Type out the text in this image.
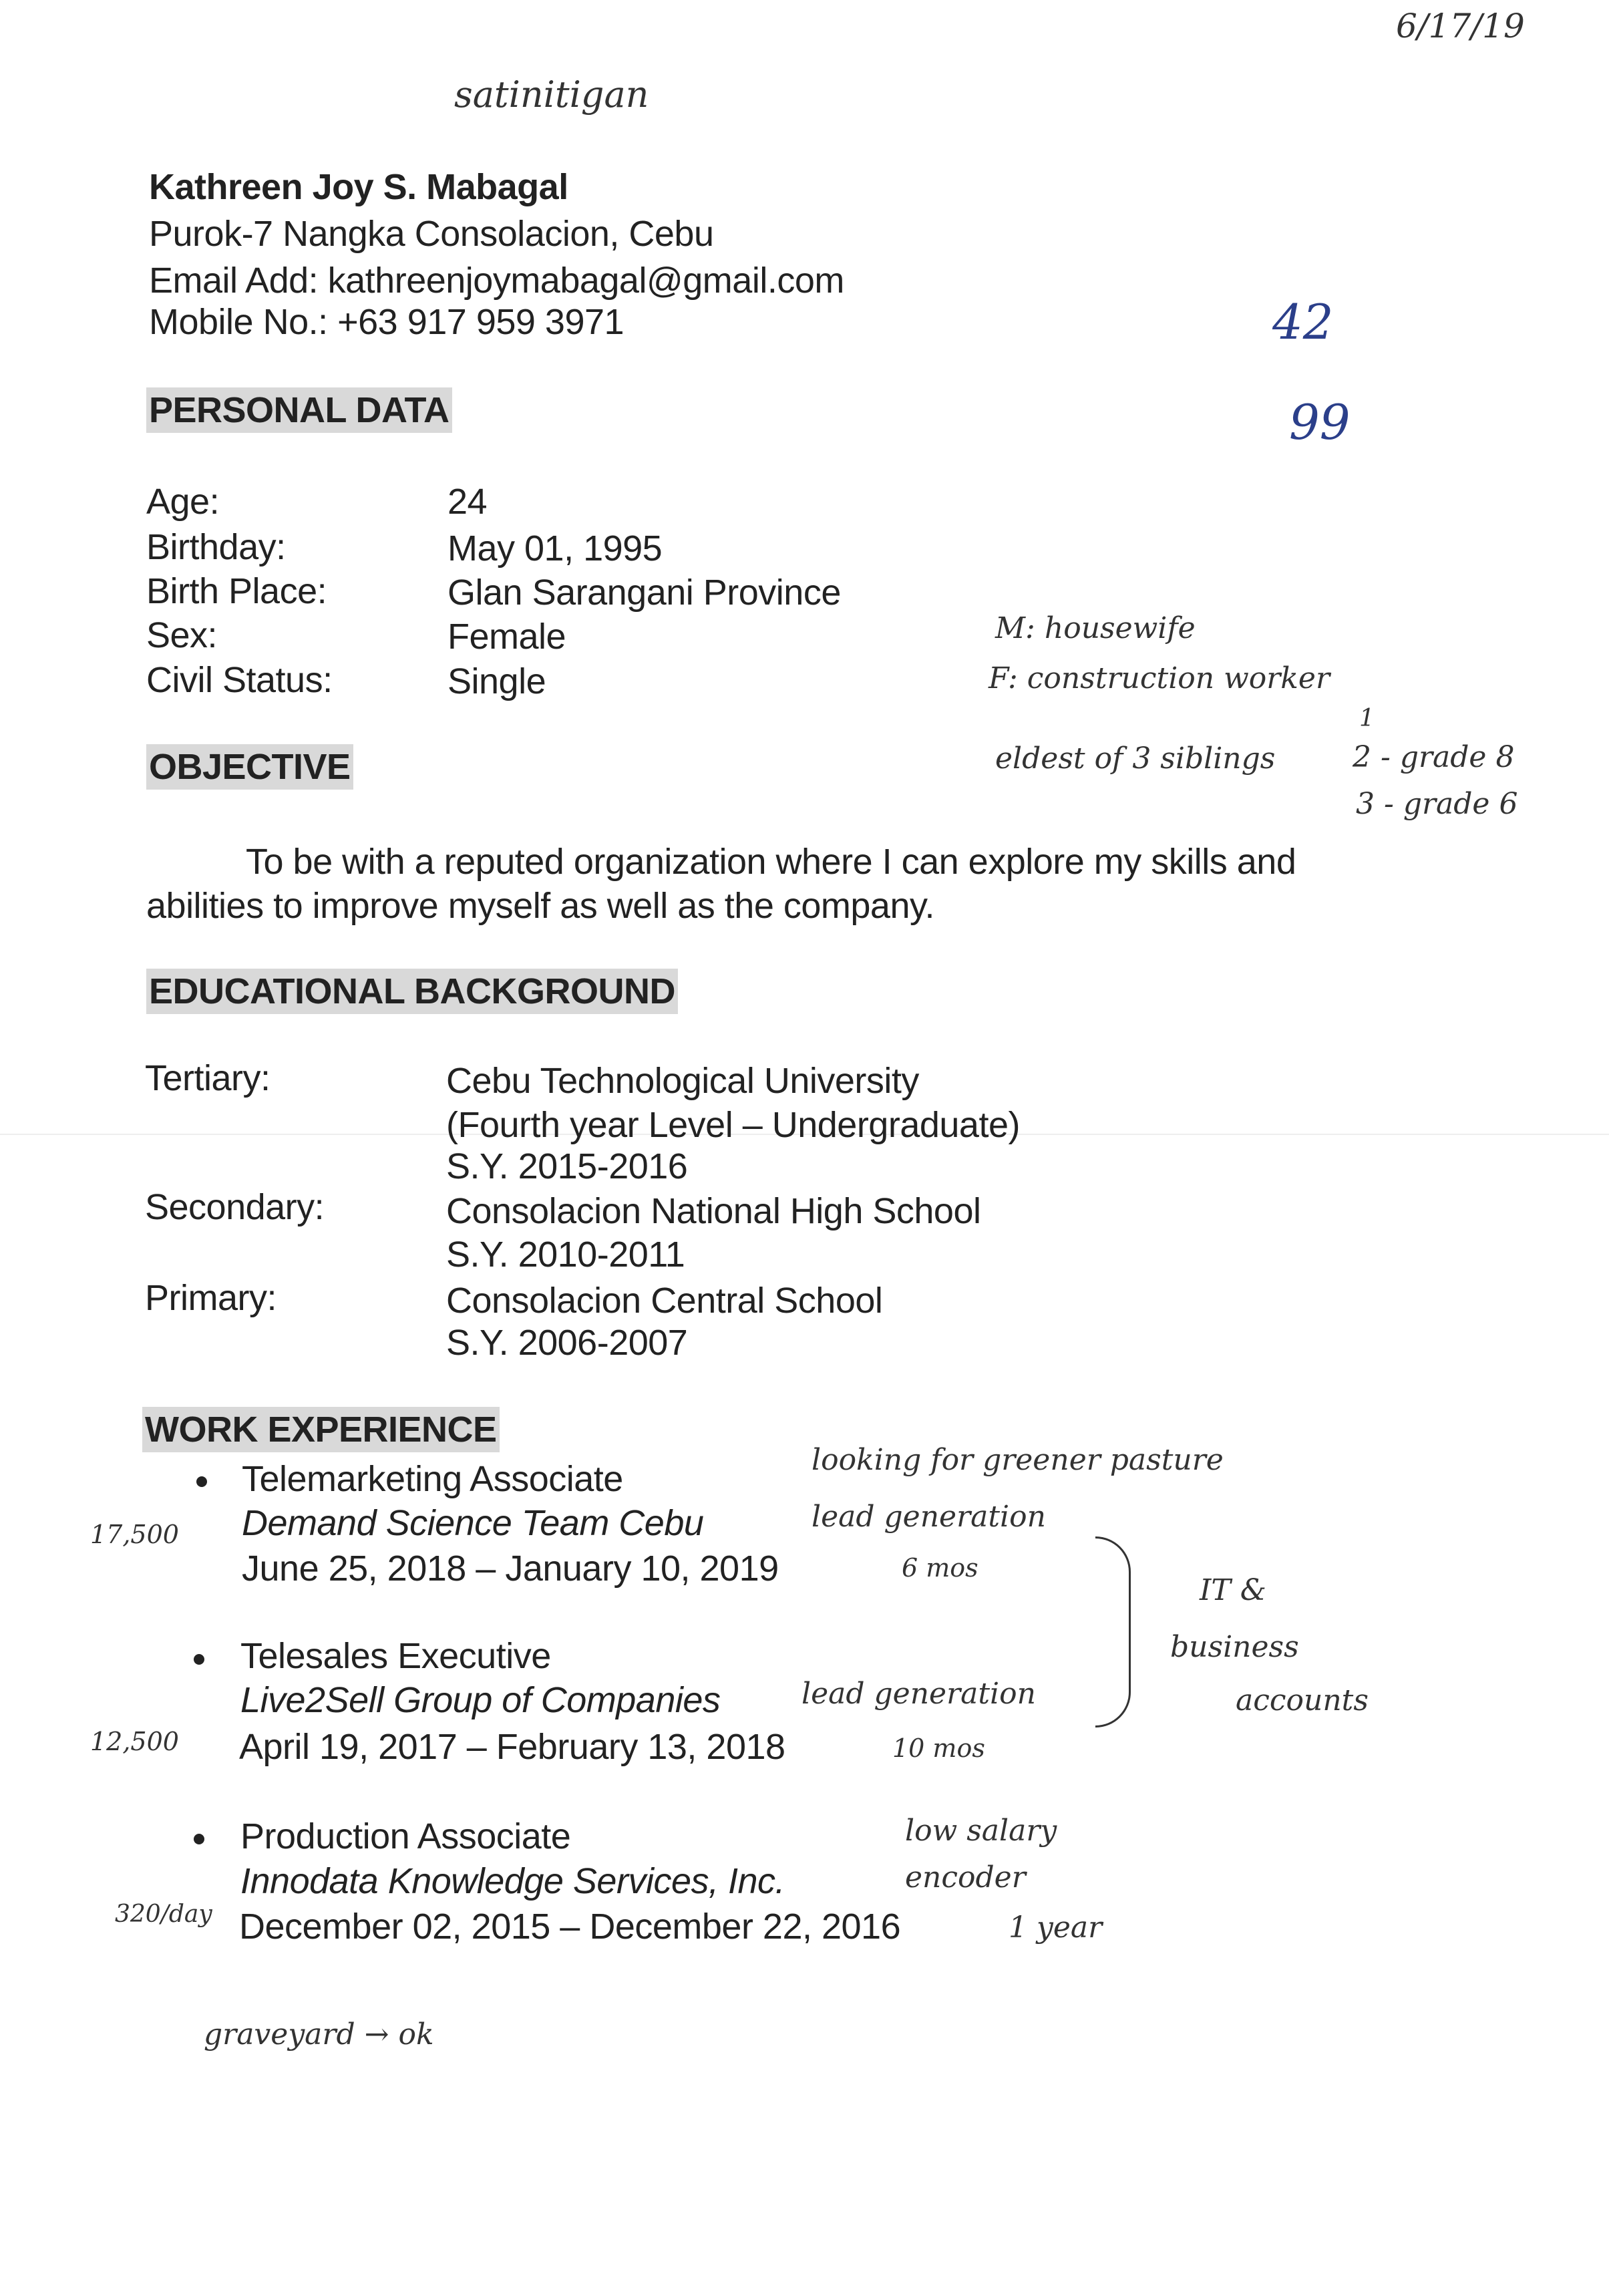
6/17/19
satinitigan
Kathreen Joy S. Mabagal
Purok-7 Nangka Consolacion, Cebu
Email Add: kathreenjoymabagal@gmail.com
Mobile No.: +63 917 959 3971	42
99
PERSONAL DATA
Age:	24
Birthday:	May 01, 1995
Birth Place:	Glan Sarangani Province
Sex:	Female
Civil Status:	Single
M: housewife
F: construction worker
eldest of 3 siblings
1
2 - grade 8
3 - grade 6
OBJECTIVE
To be with a reputed organization where I can explore my skills and
abilities to improve myself as well as the company.
EDUCATIONAL BACKGROUND
Tertiary:	Cebu Technological University
(Fourth year Level – Undergraduate)
S.Y. 2015-2016
Secondary:	Consolacion National High School
S.Y. 2010-2011
Primary:	Consolacion Central School
S.Y. 2006-2007
WORK EXPERIENCE
Telemarketing Associate
Demand Science Team Cebu
June 25, 2018 – January 10, 2019
Telesales Executive
Live2Sell Group of Companies
April 19, 2017 – February 13, 2018
Production Associate
Innodata Knowledge Services, Inc.
December 02, 2015 – December 22, 2016
looking for greener pasture
lead generation
6 mos
17,500
IT &
business
accounts
lead generation
10 mos
12,500
low salary
encoder
1 year
320/day
graveyard → ok
